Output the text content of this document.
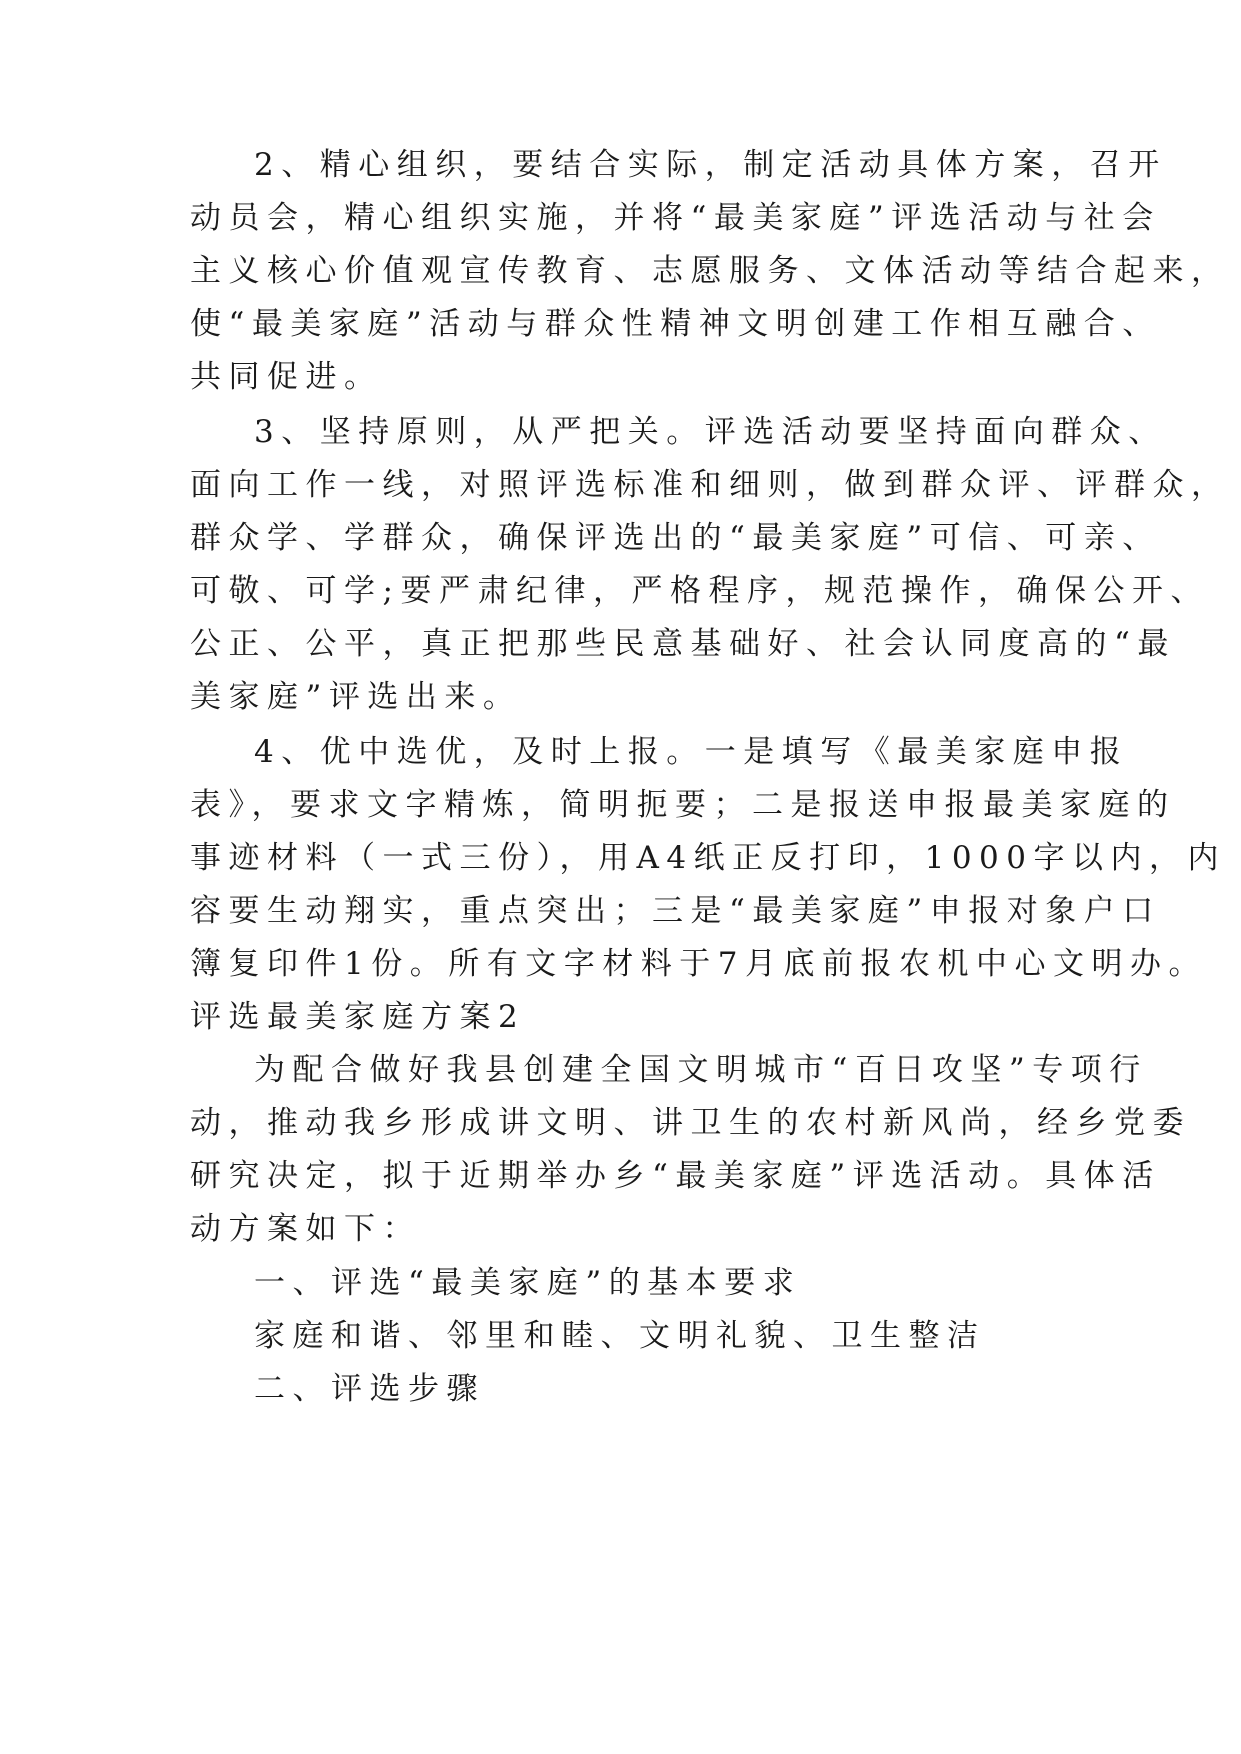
2、精心组织，要结合实际，制定活动具体方案，召开
动员会，精心组织实施，并将“最美家庭”评选活动与社会
主义核心价值观宣传教育、志愿服务、文体活动等结合起来，
使“最美家庭”活动与群众性精神文明创建工作相互融合、
共同促进。
3、坚持原则，从严把关。评选活动要坚持面向群众、
面向工作一线，对照评选标准和细则，做到群众评、评群众，
群众学、学群众，确保评选出的“最美家庭”可信、可亲、
可敬、可学;要严肃纪律，严格程序，规范操作，确保公开、
公正、公平，真正把那些民意基础好、社会认同度高的“最
美家庭”评选出来。
4、优中选优，及时上报。一是填写《最美家庭申报
表》，要求文字精炼，简明扼要；二是报送申报最美家庭的
事迹材料（一式三份），用A4纸正反打印，1000字以内，内
容要生动翔实，重点突出；三是“最美家庭”申报对象户口
簿复印件1份。所有文字材料于7月底前报农机中心文明办。
评选最美家庭方案2
为配合做好我县创建全国文明城市“百日攻坚”专项行
动，推动我乡形成讲文明、讲卫生的农村新风尚，经乡党委
研究决定，拟于近期举办乡“最美家庭”评选活动。具体活
动方案如下：
一、评选“最美家庭”的基本要求
家庭和谐、邻里和睦、文明礼貌、卫生整洁
二、评选步骤
